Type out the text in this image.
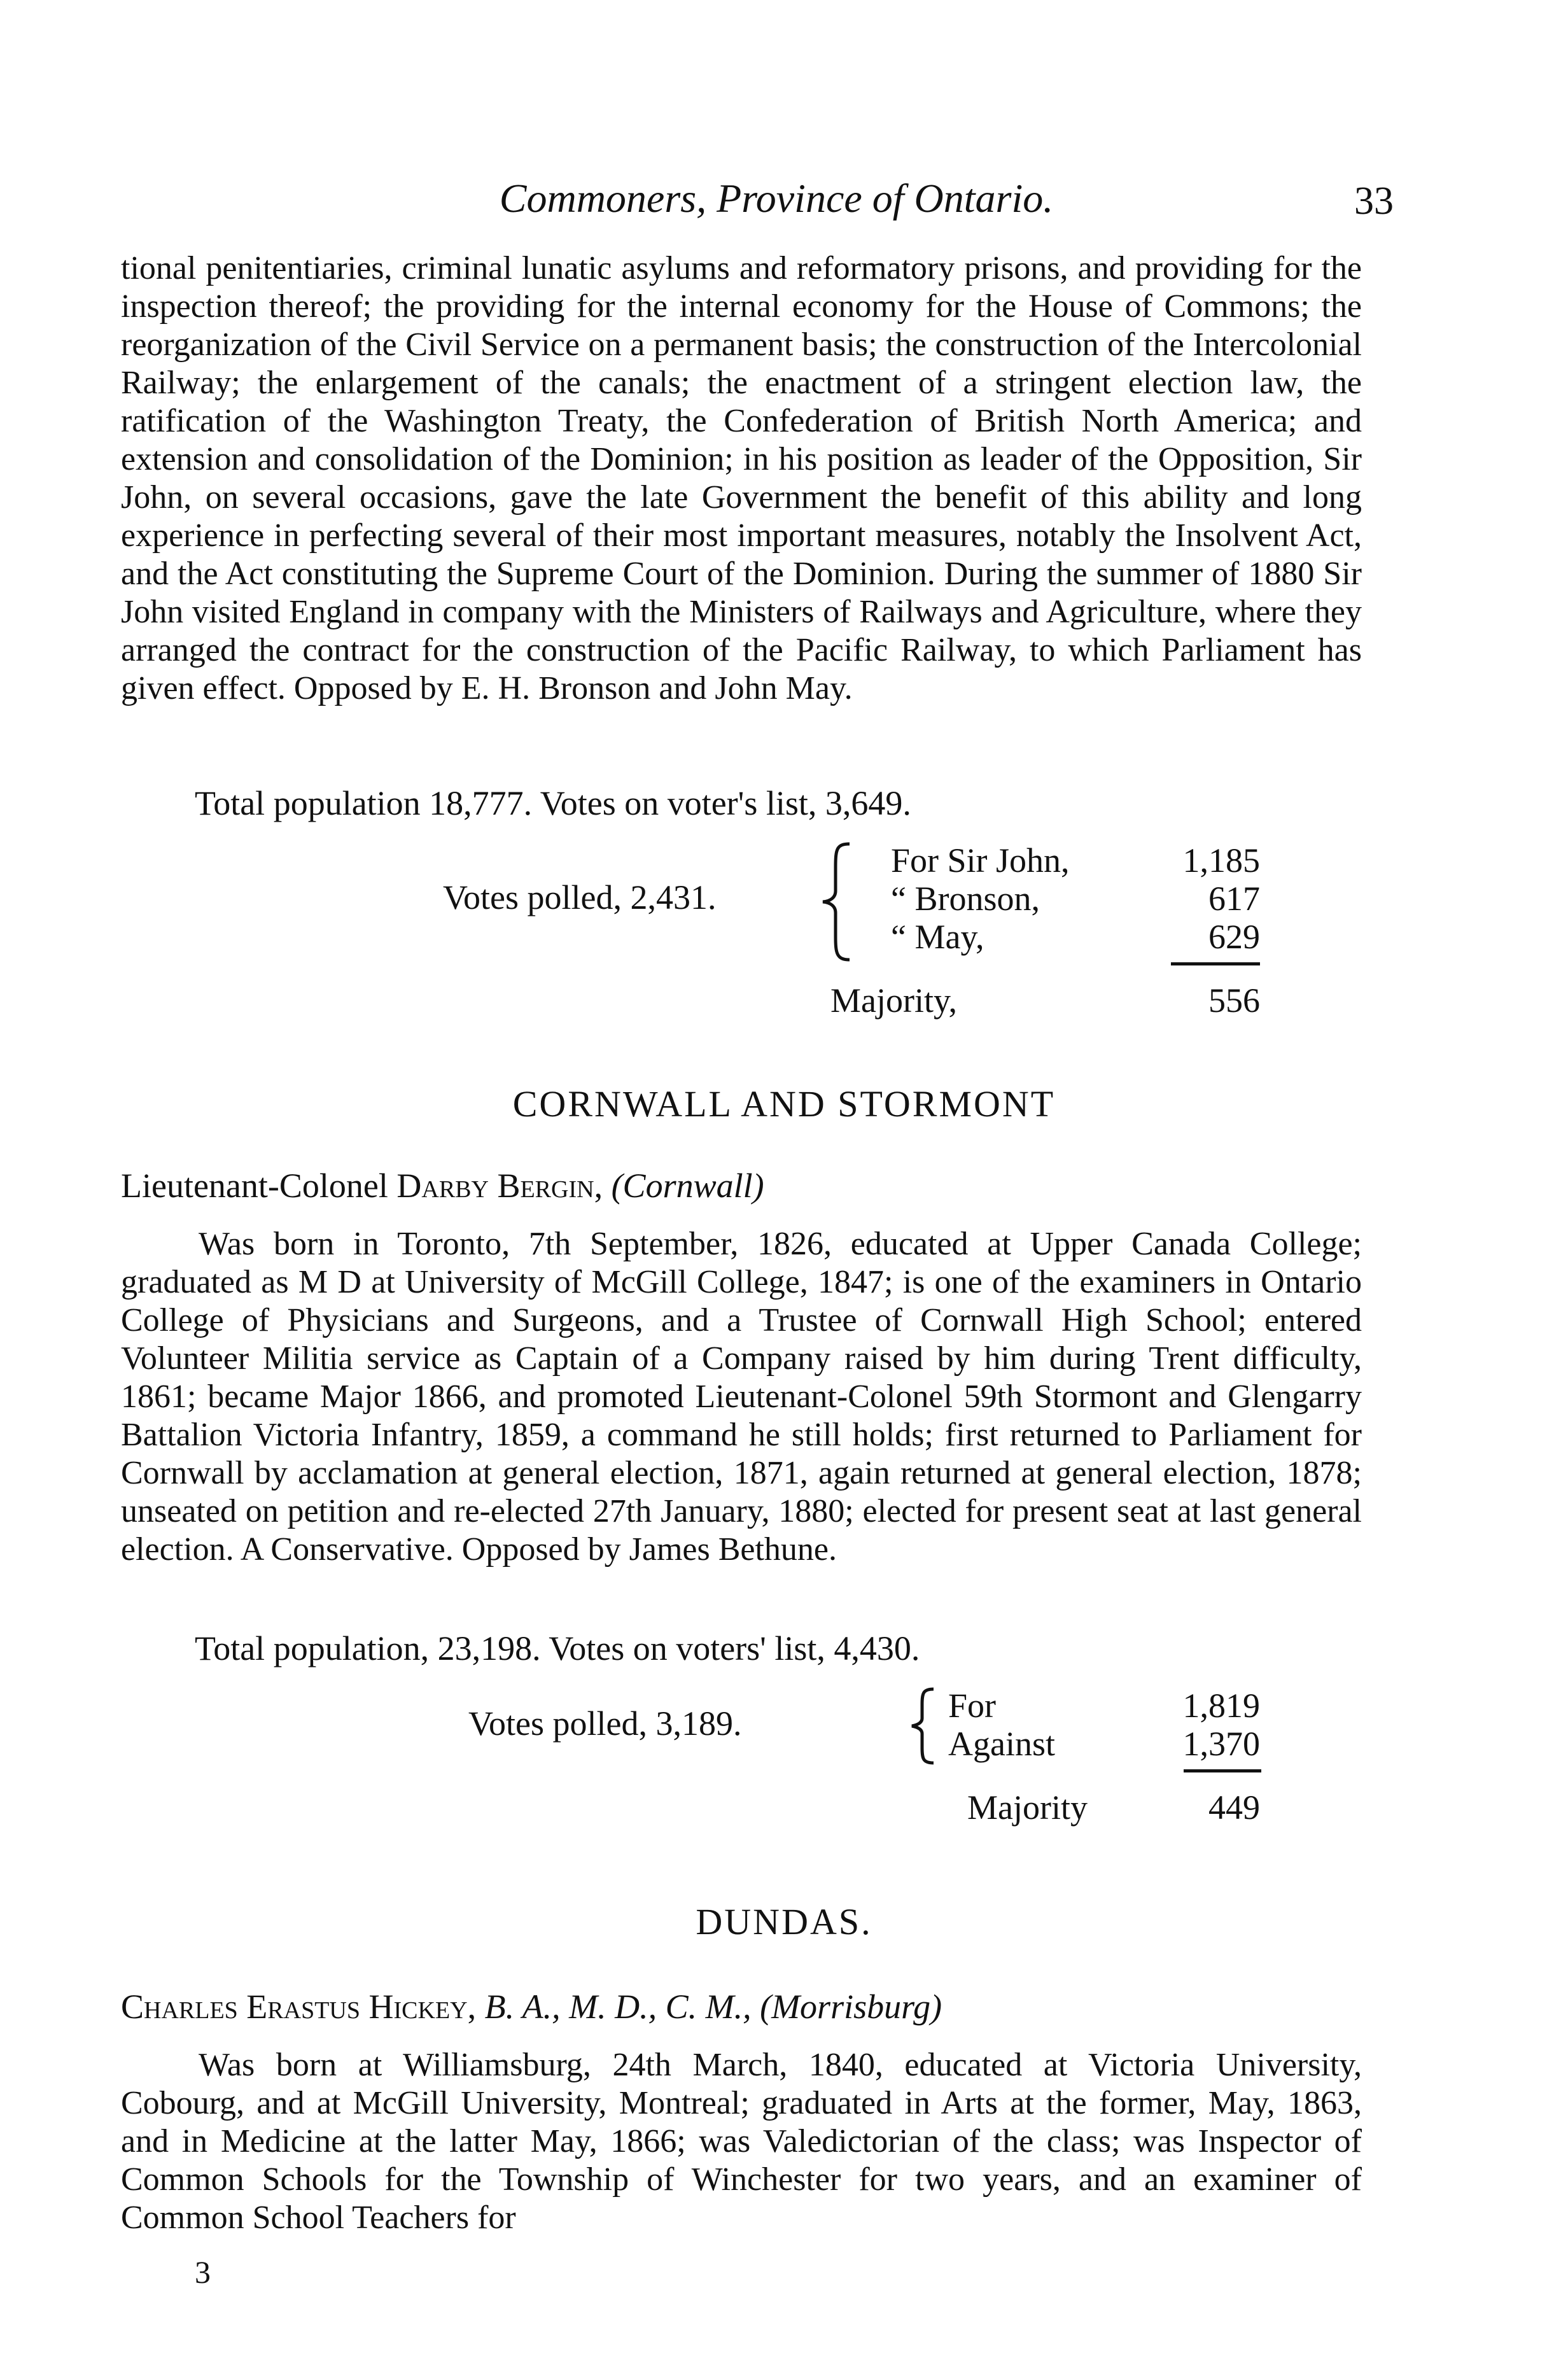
Commoners, Province of Ontario.	33

tional penitentiaries, criminal lunatic asylums and reformatory prisons, and providing for the inspection thereof; the providing for the internal economy for the House of Commons; the reorganization of the Civil Service on a permanent basis; the construction of the Intercolonial Railway; the enlargement of the canals; the enactment of a stringent election law, the ratification of the Washington Treaty, the Confederation of British North America; and extension and consolidation of the Dominion; in his position as leader of the Opposition, Sir John, on several occasions, gave the late Government the benefit of this ability and long experience in perfecting several of their most important measures, notably the Insolvent Act, and the Act constituting the Supreme Court of the Dominion. During the summer of 1880 Sir John visited England in company with the Ministers of Railways and Agriculture, where they arranged the contract for the construction of the Pacific Railway, to which Parliament has given effect. Opposed by E. H. Bronson and John May.

Total population 18,777. Votes on voter's list, 3,649.
Votes polled, 2,431.
For Sir John,	1,185
“ Bronson,	617
“ May,	629
Majority,	556
CORNWALL AND STORMONT
Lieutenant-Colonel Darby Bergin, (Cornwall)

Was born in Toronto, 7th September, 1826, educated at Upper Canada College; graduated as M D at University of McGill College, 1847; is one of the examiners in Ontario College of Physicians and Surgeons, and a Trustee of Cornwall High School; entered Volunteer Militia service as Captain of a Company raised by him during Trent difficulty, 1861; became Major 1866, and promoted Lieutenant-Colonel 59th Stormont and Glengarry Battalion Victoria Infantry, 1859, a command he still holds; first returned to Parliament for Cornwall by acclamation at general election, 1871, again returned at general election, 1878; unseated on petition and re-elected 27th January, 1880; elected for present seat at last general election. A Conservative. Opposed by James Bethune.

Total population, 23,198. Votes on voters' list, 4,430.
Votes polled, 3,189.	For	1,819
Against	1,370
Majority	449
DUNDAS.
Charles Erastus Hickey, B. A., M. D., C. M., (Morrisburg)

Was born at Williamsburg, 24th March, 1840, educated at Victoria University, Cobourg, and at McGill University, Montreal; graduated in Arts at the former, May, 1863, and in Medicine at the latter May, 1866; was Valedictorian of the class; was Inspector of Common Schools for the Township of Winchester for two years, and an examiner of Common School Teachers for

3
